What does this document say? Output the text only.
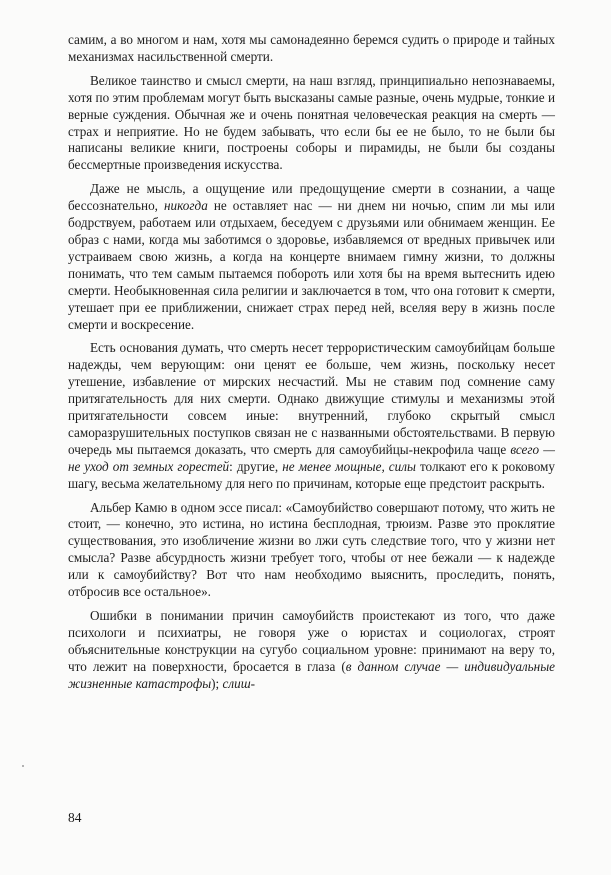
самим, а во многом и нам, хотя мы самонадеянно беремся судить о природе и тайных механизмах насильственной смерти.

Великое таинство и смысл смерти, на наш взгляд, принципиально непознаваемы, хотя по этим проблемам могут быть высказаны самые разные, очень мудрые, тонкие и верные суждения. Обычная же и очень понятная человеческая реакция на смерть — страх и неприятие. Но не будем забывать, что если бы ее не было, то не были бы написаны великие книги, построены соборы и пирамиды, не были бы созданы бессмертные произведения искусства.

Даже не мысль, а ощущение или предощущение смерти в сознании, а чаще бессознательно, никогда не оставляет нас — ни днем ни ночью, спим ли мы или бодрствуем, работаем или отдыхаем, беседуем с друзьями или обнимаем женщин. Ее образ с нами, когда мы заботимся о здоровье, избавляемся от вредных привычек или устраиваем свою жизнь, а когда на концерте внимаем гимну жизни, то должны понимать, что тем самым пытаемся побороть или хотя бы на время вытеснить идею смерти. Необыкновенная сила религии и заключается в том, что она готовит к смерти, утешает при ее приближении, снижает страх перед ней, вселяя веру в жизнь после смерти и воскресение.

Есть основания думать, что смерть несет террористическим самоубийцам больше надежды, чем верующим: они ценят ее больше, чем жизнь, поскольку несет утешение, избавление от мирских несчастий. Мы не ставим под сомнение саму притягательность для них смерти. Однако движущие стимулы и механизмы этой притягательности совсем иные: внутренний, глубоко скрытый смысл саморазрушительных поступков связан не с названными обстоятельствами. В первую очередь мы пытаемся доказать, что смерть для самоубийцы-некрофила чаще всего — не уход от земных горестей: другие, не менее мощные, силы толкают его к роковому шагу, весьма желательному для него по причинам, которые еще предстоит раскрыть.

Альбер Камю в одном эссе писал: «Самоубийство совершают потому, что жить не стоит, — конечно, это истина, но истина бесплодная, трюизм. Разве это проклятие существования, это изобличение жизни во лжи суть следствие того, что у жизни нет смысла? Разве абсурдность жизни требует того, чтобы от нее бежали — к надежде или к самоубийству? Вот что нам необходимо выяснить, проследить, понять, отбросив все остальное».

Ошибки в понимании причин самоубийств проистекают из того, что даже психологи и психиатры, не говоря уже о юристах и социологах, строят объяснительные конструкции на сугубо социальном уровне: принимают на веру то, что лежит на поверхности, бросается в глаза (в данном случае — индивидуальные жизненные катастрофы); слиш-

84
